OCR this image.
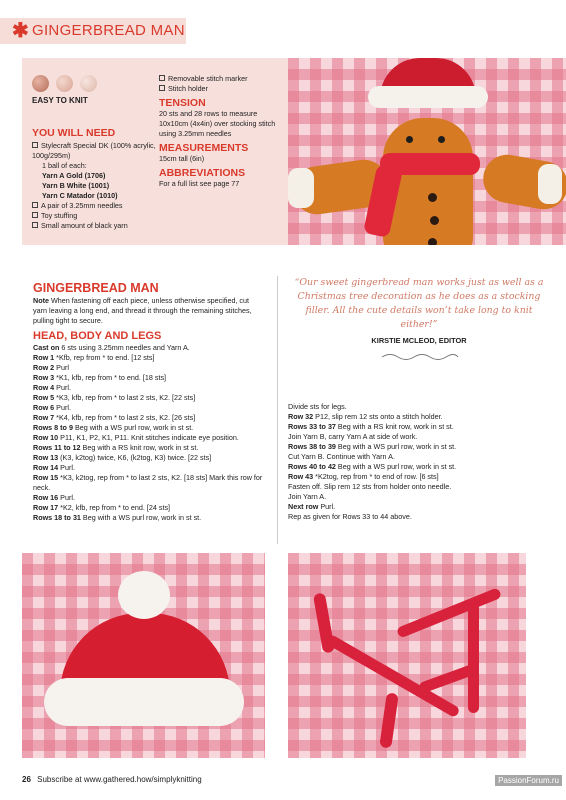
✱ GINGERBREAD MAN
EASY TO KNIT
YOU WILL NEED
Stylecraft Special DK (100% acrylic, 100g/295m)
1 ball of each:
Yarn A Gold (1706)
Yarn B White (1001)
Yarn C Matador (1010)
A pair of 3.25mm needles
Toy stuffing
Small amount of black yarn
Removable stitch marker
Stitch holder
TENSION
20 sts and 28 rows to measure 10x10cm (4x4in) over stocking stitch using 3.25mm needles
MEASUREMENTS
15cm tall (6in)
ABBREVIATIONS
For a full list see page 77
GINGERBREAD MAN

Note When fastening off each piece, unless otherwise specified, cut yarn leaving a long end, and thread it through the remaining stitches, pulling tight to secure.

HEAD, BODY AND LEGS

Cast on 6 sts using 3.25mm needles and Yarn A.

Row 1 *Kfb, rep from * to end. [12 sts]

Row 2 Purl

Row 3 *K1, kfb, rep from * to end. [18 sts]

Row 4 Purl.

Row 5 *K3, kfb, rep from * to last 2 sts, K2. [22 sts]

Row 6 Purl.

Row 7 *K4, kfb, rep from * to last 2 sts, K2. [26 sts]

Rows 8 to 9 Beg with a WS purl row, work in st st.

Row 10 P11, K1, P2, K1, P11. Knit stitches indicate eye position.

Rows 11 to 12 Beg with a RS knit row, work in st st.

Row 13 (K3, k2tog) twice, K6, (k2tog, K3) twice. [22 sts]

Row 14 Purl.

Row 15 *K3, k2tog, rep from * to last 2 sts, K2. [18 sts] Mark this row for neck.

Row 16 Purl.

Row 17 *K2, kfb, rep from * to end. [24 sts]

Rows 18 to 31 Beg with a WS purl row, work in st st.

“Our sweet gingerbread man works just as well as a Christmas tree decoration as he does as a stocking filler. All the cute details won’t take long to knit either!”
KIRSTIE MCLEOD, EDITOR

Divide sts for legs.

Row 32 P12, slip rem 12 sts onto a stitch holder.

Rows 33 to 37 Beg with a RS knit row, work in st st.

Join Yarn B, carry Yarn A at side of work.

Rows 38 to 39 Beg with a WS purl row, work in st st.

Cut Yarn B. Continue with Yarn A.

Rows 40 to 42 Beg with a WS purl row, work in st st.

Row 43 *K2tog, rep from * to end of row. [6 sts]

Fasten off. Slip rem 12 sts from holder onto needle.

Join Yarn A.

Next row Purl.

Rep as given for Rows 33 to 44 above.

26 Subscribe at www.gathered.how/simplyknitting	PassionForum.ru
